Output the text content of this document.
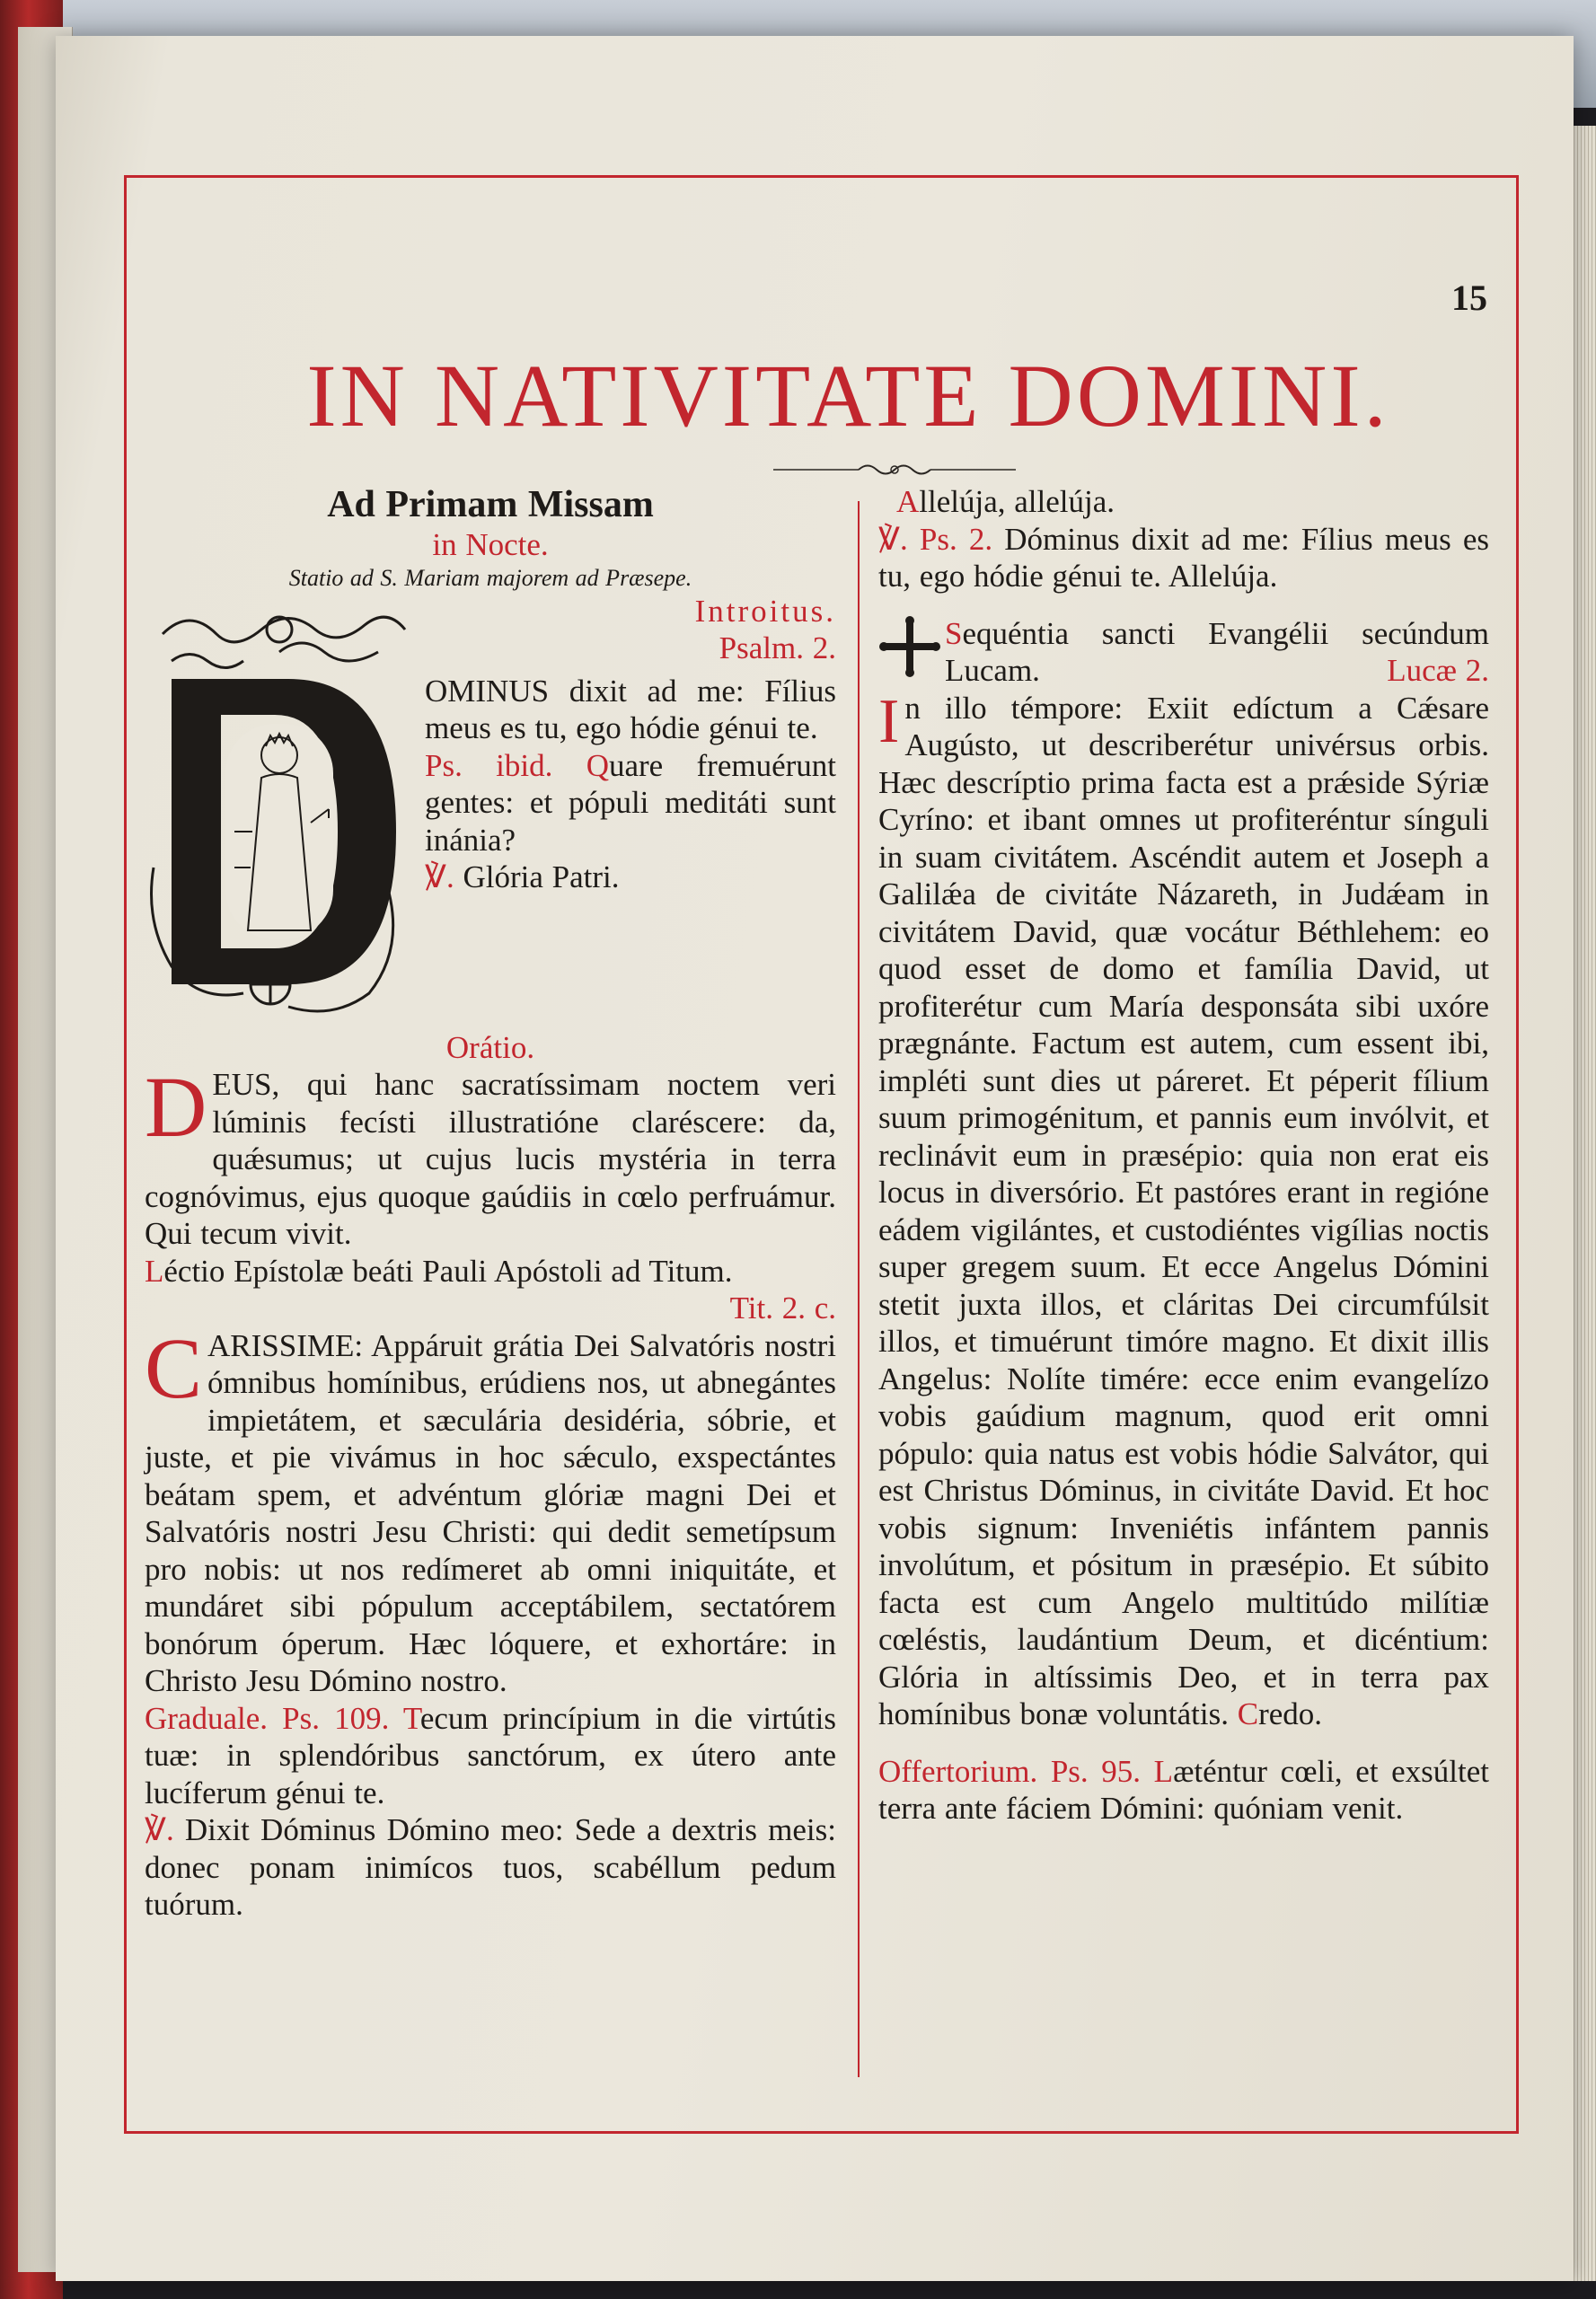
15
IN NATIVITATE DOMINI.

Ad Primam Missam

in Nocte.

Statio ad S. Mariam majorem ad Præsepe.

Introitus.

Psalm. 2.

OMINUS dixit ad me: Fílius meus es tu, ego hódie génui te.

Ps. ibid. Quare fremuérunt gentes: et pópuli meditáti sunt inánia?

℣. Glória Patri.

Orátio.

DEUS, qui hanc sacratíssimam noctem veri lúminis fecísti illustratióne claréscere: da, quǽsumus; ut cujus lucis mystéria in terra cognóvimus, ejus quoque gaúdiis in cœlo perfruámur. Qui tecum vivit.

Léctio Epístolæ beáti Pauli Apóstoli ad Titum.
Tit. 2. c.

CARISSIME: Appáruit grátia Dei Salvatóris nostri ómnibus homínibus, erúdiens nos, ut abnegántes impietátem, et sæculária desidéria, sóbrie, et juste, et pie vivámus in hoc sǽculo, exspectántes beátam spem, et advéntum glóriæ magni Dei et Salvatóris nostri Jesu Christi: qui dedit semetípsum pro nobis: ut nos redímeret ab omni iniquitáte, et mundáret sibi pópulum acceptábilem, sectatórem bonórum óperum. Hæc lóquere, et exhortáre: in Christo Jesu Dómino nostro.

Graduale. Ps. 109. Tecum princípium in die virtútis tuæ: in splendóribus sanctórum, ex útero ante lucíferum génui te.

℣. Dixit Dóminus Dómino meo: Sede a dextris meis: donec ponam inimícos tuos, scabéllum pedum tuórum.

Allelúja, allelúja.

℣. Ps. 2. Dóminus dixit ad me: Fílius meus es tu, ego hódie génui te. Allelúja.

Sequéntia sancti Evangélii secúndum Lucam.	Lucæ 2.

In illo témpore: Exiit edíctum a Cǽsare Augústo, ut describerétur univérsus orbis. Hæc descríptio prima facta est a prǽside Sýriæ Cyríno: et ibant omnes ut profiteréntur sínguli in suam civitátem. Ascéndit autem et Joseph a Galilǽa de civitáte Názareth, in Judǽam in civitátem David, quæ vocátur Béthlehem: eo quod esset de domo et família David, ut profiterétur cum María desponsáta sibi uxóre prægnánte. Factum est autem, cum essent ibi, impléti sunt dies ut páreret. Et péperit fílium suum primogénitum, et pannis eum invólvit, et reclinávit eum in præsépio: quia non erat eis locus in diversório. Et pastóres erant in regióne eádem vigilántes, et custodiéntes vigílias noctis super gregem suum. Et ecce Angelus Dómini stetit juxta illos, et cláritas Dei circumfúlsit illos, et timuérunt timóre magno. Et dixit illis Angelus: Nolíte timére: ecce enim evangelízo vobis gaúdium magnum, quod erit omni pópulo: quia natus est vobis hódie Salvátor, qui est Christus Dóminus, in civitáte David. Et hoc vobis signum: Inveniétis infántem pannis involútum, et pósitum in præsépio. Et súbito facta est cum Angelo multitúdo milítiæ cœléstis, laudántium Deum, et dicéntium: Glória in altíssimis Deo, et in terra pax homínibus bonæ voluntátis. Credo.

Offertorium. Ps. 95. Læténtur cœli, et exsúltet terra ante fáciem Dómini: quóniam venit.
